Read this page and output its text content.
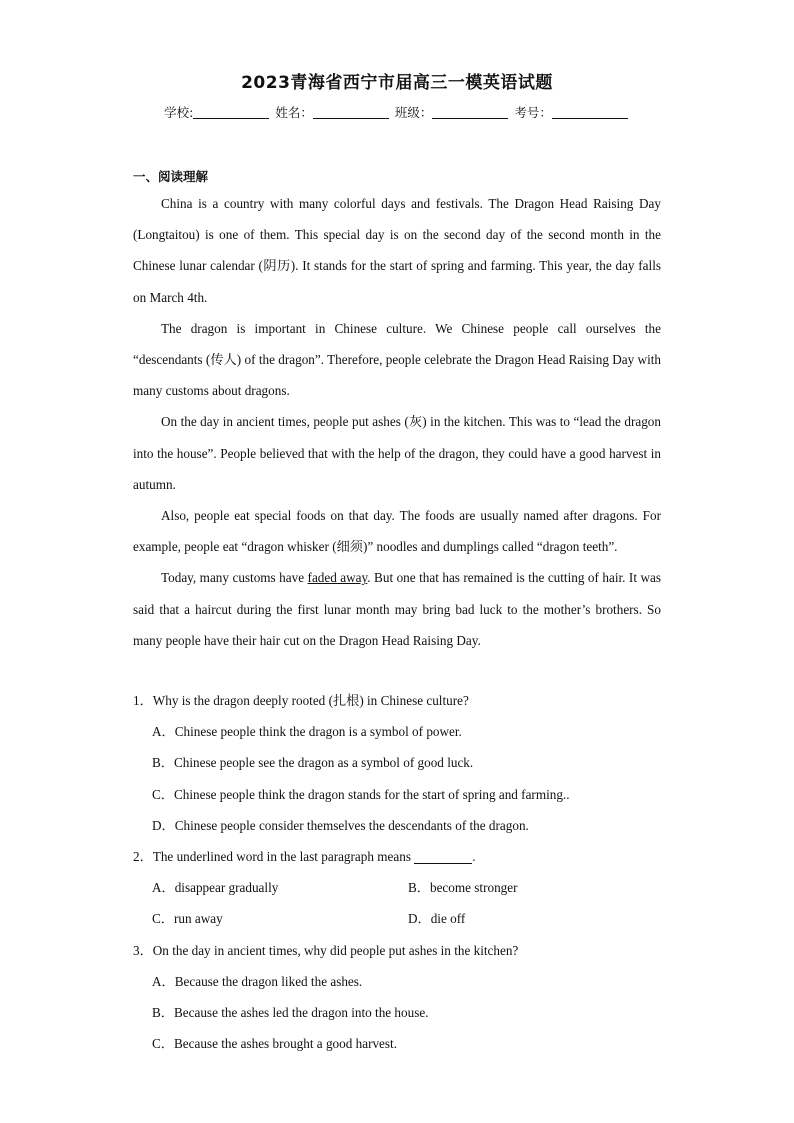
2023青海省西宁市届高三一模英语试题
学校:	姓名：	班级：	考号：
一、阅读理解

China is a country with many colorful days and festivals. The Dragon Head Raising Day (Longtaitou) is one of them. This special day is on the second day of the second month in the Chinese lunar calendar (阴历). It stands for the start of spring and farming. This year, the day falls on March 4th.

The dragon is important in Chinese culture. We Chinese people call ourselves the “descendants (传人) of the dragon”. Therefore, people celebrate the Dragon Head Raising Day with many customs about dragons.

On the day in ancient times, people put ashes (灰) in the kitchen. This was to “lead the dragon into the house”. People believed that with the help of the dragon, they could have a good harvest in autumn.

Also, people eat special foods on that day. The foods are usually named after dragons. For example, people eat “dragon whisker (细须)” noodles and dumplings called “dragon teeth”.

Today, many customs have faded away. But one that has remained is the cutting of hair. It was said that a haircut during the first lunar month may bring bad luck to the mother’s brothers. So many people have their hair cut on the Dragon Head Raising Day.

1．Why is the dragon deeply rooted (扎根) in Chinese culture?

A．Chinese people think the dragon is a symbol of power.

B．Chinese people see the dragon as a symbol of good luck.

C．Chinese people think the dragon stands for the start of spring and farming..

D．Chinese people consider themselves the descendants of the dragon.

2．The underlined word in the last paragraph means	.

A．disappear gradually	B．become stronger

C．run away	D．die off

3．On the day in ancient times, why did people put ashes in the kitchen?

A．Because the dragon liked the ashes.

B．Because the ashes led the dragon into the house.

C．Because the ashes brought a good harvest.
